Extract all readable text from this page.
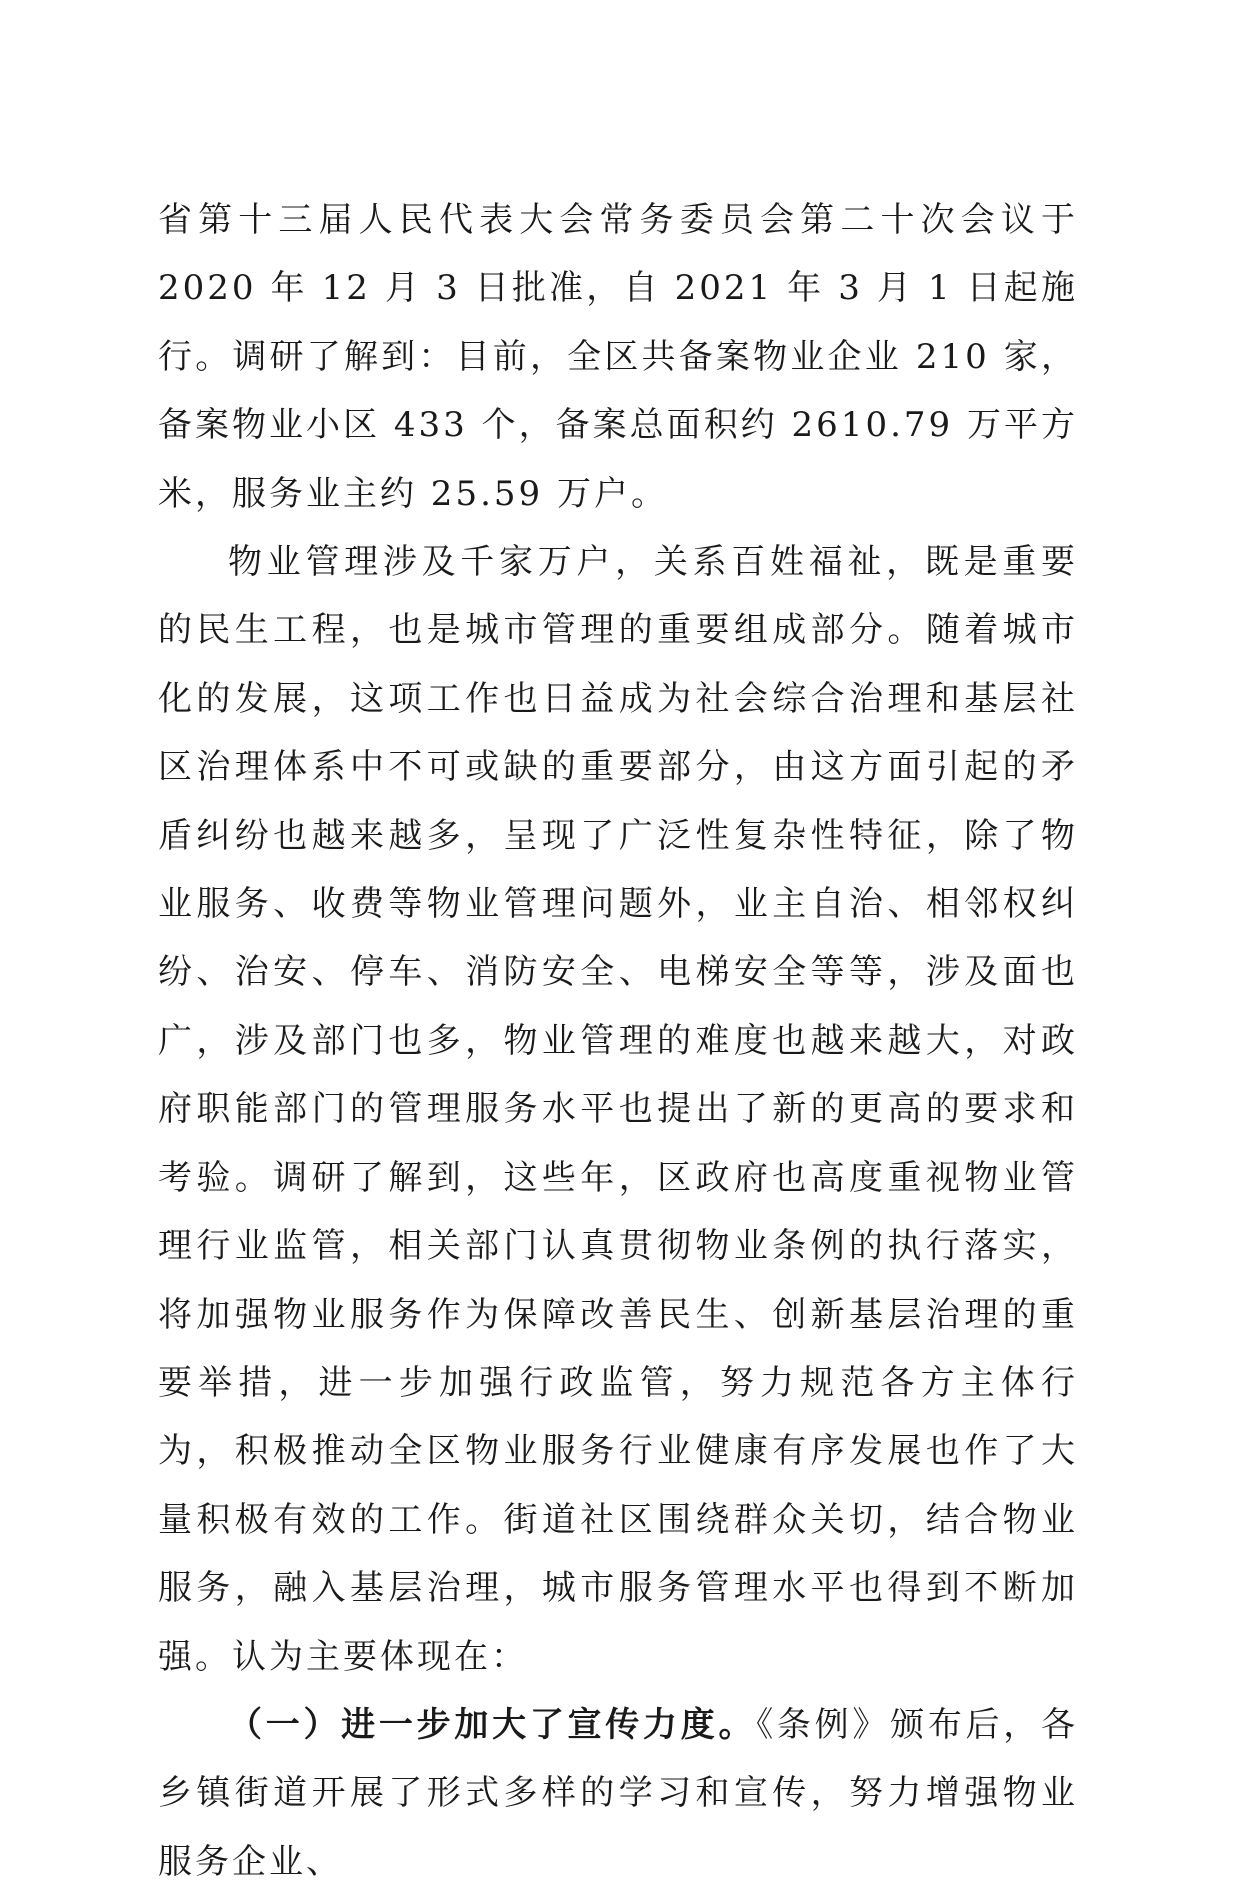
省第十三届人民代表大会常务委员会第二十次会议于 2020 年 12 月 3 日批准，自 2021 年 3 月 1 日起施行。调研了解到：目前，全区共备案物业企业 210 家，备案物业小区 433 个，备案总面积约 2610.79 万平方米，服务业主约 25.59 万户。

物业管理涉及千家万户，关系百姓福祉，既是重要的民生工程，也是城市管理的重要组成部分。随着城市化的发展，这项工作也日益成为社会综合治理和基层社区治理体系中不可或缺的重要部分，由这方面引起的矛盾纠纷也越来越多，呈现了广泛性复杂性特征，除了物业服务、收费等物业管理问题外，业主自治、相邻权纠纷、治安、停车、消防安全、电梯安全等等，涉及面也广，涉及部门也多，物业管理的难度也越来越大，对政府职能部门的管理服务水平也提出了新的更高的要求和考验。调研了解到，这些年，区政府也高度重视物业管理行业监管，相关部门认真贯彻物业条例的执行落实，将加强物业服务作为保障改善民生、创新基层治理的重要举措，进一步加强行政监管，努力规范各方主体行为，积极推动全区物业服务行业健康有序发展也作了大量积极有效的工作。街道社区围绕群众关切，结合物业服务，融入基层治理，城市服务管理水平也得到不断加强。认为主要体现在：

（一）进一步加大了宣传力度。《条例》颁布后，各乡镇街道开展了形式多样的学习和宣传，努力增强物业服务企业、
